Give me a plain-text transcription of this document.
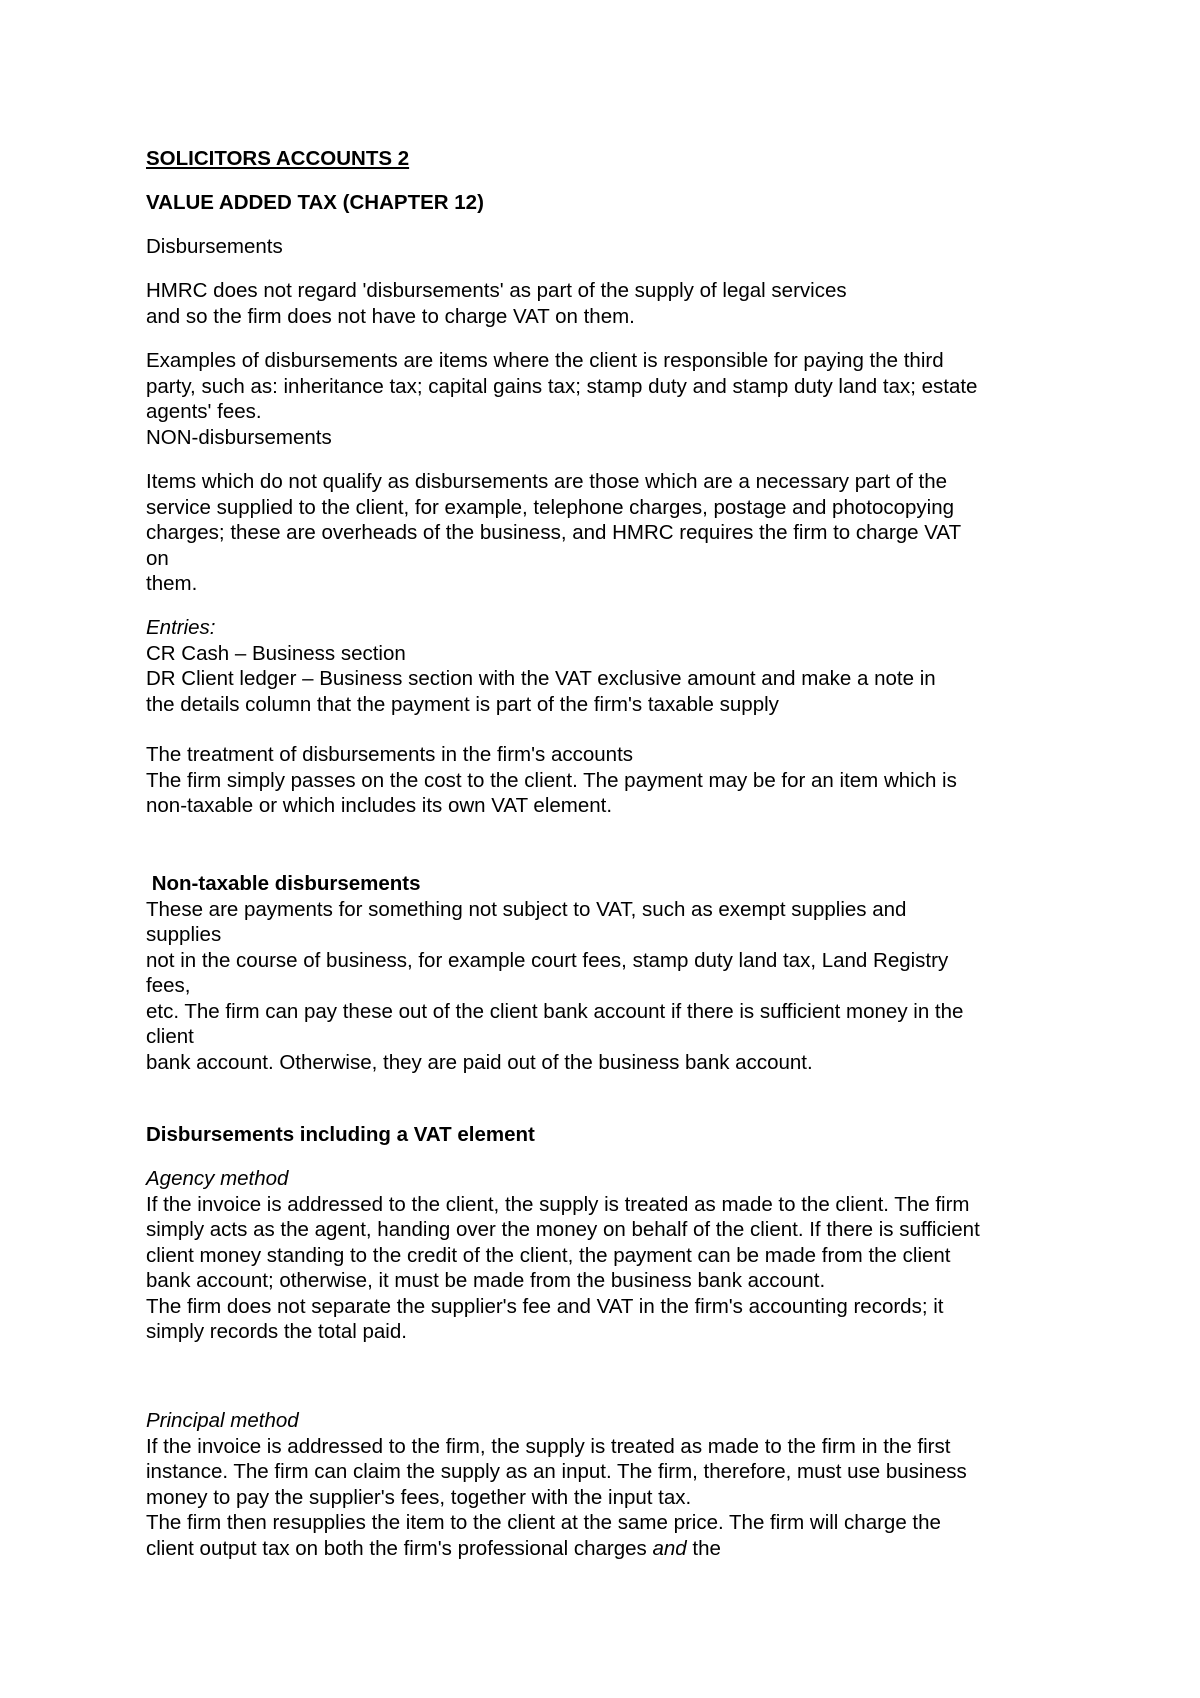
SOLICITORS ACCOUNTS 2
VALUE ADDED TAX (CHAPTER 12)
Disbursements
HMRC does not regard 'disbursements' as part of the supply of legal services
and so the firm does not have to charge VAT on them.
Examples of disbursements are items where the client is responsible for paying the third
party, such as: inheritance tax; capital gains tax; stamp duty and stamp duty land tax; estate
agents' fees.
NON-disbursements
Items which do not qualify as disbursements are those which are a necessary part of the
service supplied to the client, for example, telephone charges, postage and photocopying
charges; these are overheads of the business, and HMRC requires the firm to charge VAT
on
them.
Entries:
CR Cash – Business section
DR Client ledger – Business section with the VAT exclusive amount and make a note in
the details column that the payment is part of the firm's taxable supply
The treatment of disbursements in the firm's accounts
The firm simply passes on the cost to the client. The payment may be for an item which is
non-taxable or which includes its own VAT element.
Non-taxable disbursements
These are payments for something not subject to VAT, such as exempt supplies and
supplies
not in the course of business, for example court fees, stamp duty land tax, Land Registry
fees,
etc. The firm can pay these out of the client bank account if there is sufficient money in the
client
bank account. Otherwise, they are paid out of the business bank account.
Disbursements including a VAT element
Agency method
If the invoice is addressed to the client, the supply is treated as made to the client. The firm
simply acts as the agent, handing over the money on behalf of the client. If there is sufficient
client money standing to the credit of the client, the payment can be made from the client
bank account; otherwise, it must be made from the business bank account.
The firm does not separate the supplier's fee and VAT in the firm's accounting records; it
simply records the total paid.
Principal method
If the invoice is addressed to the firm, the supply is treated as made to the firm in the first
instance. The firm can claim the supply as an input. The firm, therefore, must use business
money to pay the supplier's fees, together with the input tax.
The firm then resupplies the item to the client at the same price. The firm will charge the
client output tax on both the firm's professional charges and the
